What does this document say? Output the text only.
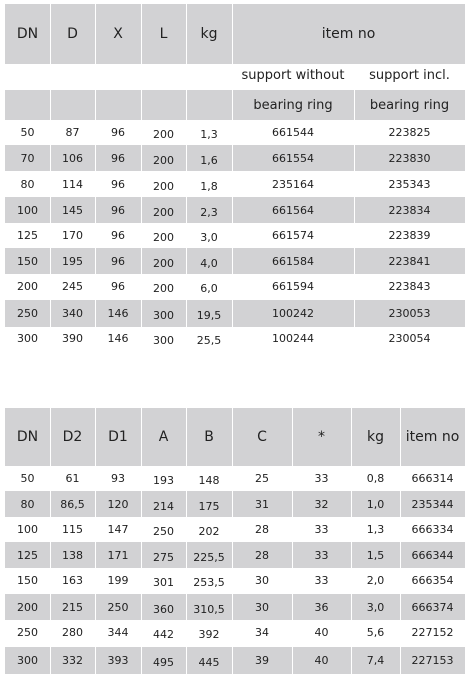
DN	D	X	L	kg	item no
support without	support incl.
bearing ring	bearing ring
50	87	96	200	1,3	661544	223825
70	106	96	200	1,6	661554	223830
80	114	96	200	1,8	235164	235343
100	145	96	200	2,3	661564	223834
125	170	96	200	3,0	661574	223839
150	195	96	200	4,0	661584	223841
200	245	96	200	6,0	661594	223843
250	340	146	300	19,5	100242	230053
300	390	146	300	25,5	100244	230054
DN	D2	D1	A	B	C	*	kg	item no
50	61	93	193	148	25	33	0,8	666314
80	86,5	120	214	175	31	32	1,0	235344
100	115	147	250	202	28	33	1,3	666334
125	138	171	275	225,5	28	33	1,5	666344
150	163	199	301	253,5	30	33	2,0	666354
200	215	250	360	310,5	30	36	3,0	666374
250	280	344	442	392	34	40	5,6	227152
300	332	393	495	445	39	40	7,4	227153
